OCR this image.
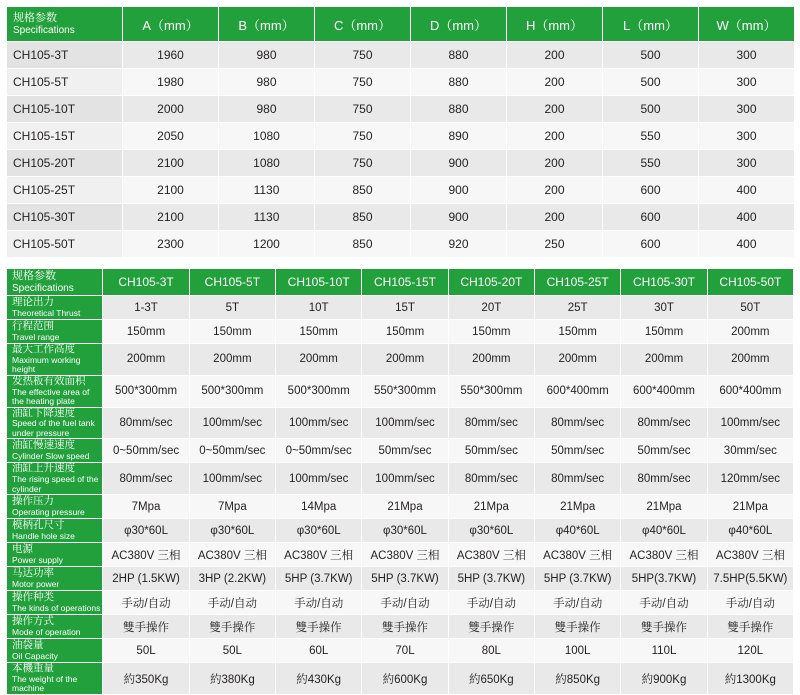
规格参数
Specifications	A（mm）	B（mm）	C（mm）	D（mm）	H（mm）	L（mm）	W（mm）
CH105-3T	1960	980	750	880	200	500	300
CH105-5T	1980	980	750	880	200	500	300
CH105-10T	2000	980	750	880	200	500	300
CH105-15T	2050	1080	750	890	200	550	300
CH105-20T	2100	1080	750	900	200	550	300
CH105-25T	2100	1130	850	900	200	600	400
CH105-30T	2100	1130	850	900	200	600	400
CH105-50T	2300	1200	850	920	250	600	400
规格参数
Specifications	CH105-3T	CH105-5T	CH105-10T	CH105-15T	CH105-20T	CH105-25T	CH105-30T	CH105-50T

理论出力
Theoretical Thrust	1-3T	5T	10T	15T	20T	25T	30T	50T

行程范围
Travel range	150mm	150mm	150mm	150mm	150mm	150mm	150mm	200mm

最大工作高度
Maximum working height	200mm	200mm	200mm	200mm	200mm	200mm	200mm	200mm

发热板有效面积
The effective area of the heating plate	500*300mm	500*300mm	500*300mm	550*300mm	550*300mm	600*400mm	600*400mm	600*400mm

油缸下降速度
Speed of the fuel tank under pressure	80mm/sec	100mm/sec	100mm/sec	100mm/sec	80mm/sec	80mm/sec	80mm/sec	100mm/sec

油缸慢速速度
Cylinder Slow speed	0~50mm/sec	0~50mm/sec	0~50mm/sec	50mm/sec	50mm/sec	50mm/sec	50mm/sec	30mm/sec

油缸上升速度
The rising speed of the cylinder	80mm/sec	100mm/sec	100mm/sec	100mm/sec	80mm/sec	80mm/sec	80mm/sec	120mm/sec

操作压力
Operating pressure	7Mpa	7Mpa	14Mpa	21Mpa	21Mpa	21Mpa	21Mpa	21Mpa

模柄孔尺寸
Handle hole size	φ30*60L	φ30*60L	φ30*60L	φ30*60L	φ30*60L	φ40*60L	φ40*60L	φ40*60L

电源
Power supply	AC380V 三相	AC380V 三相	AC380V 三相	AC380V 三相	AC380V 三相	AC380V 三相	AC380V 三相	AC380V 三相

马达功率
Motor power	2HP (1.5KW)	3HP (2.2KW)	5HP (3.7KW)	5HP (3.7KW)	5HP (3.7KW)	5HP (3.7KW)	5HP(3.7KW)	7.5HP(5.5KW)

操作种类
The kinds of operations	手动/自动	手动/自动	手动/自动	手动/自动	手动/自动	手动/自动	手动/自动	手动/自动

操作方式
Mode of operation	雙手操作	雙手操作	雙手操作	雙手操作	雙手操作	雙手操作	雙手操作	雙手操作

油袋量
Oil Capacity	50L	50L	60L	70L	80L	100L	110L	120L

本機重量
The weight of the machine	約350Kg	約380Kg	約430Kg	約600Kg	約650Kg	約850Kg	約900Kg	約1300Kg
